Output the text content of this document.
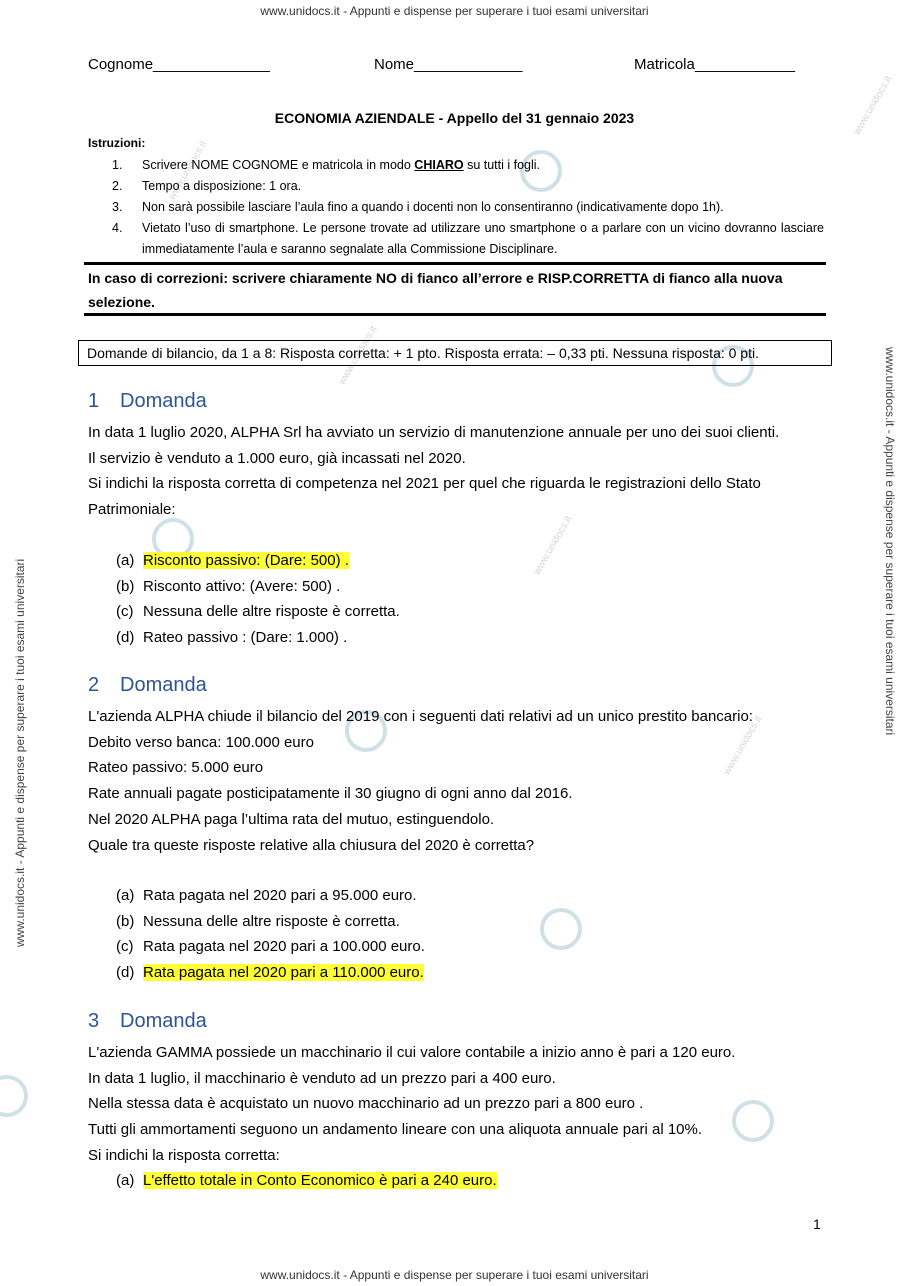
www.unidocs.it - Appunti e dispense per superare i tuoi esami universitari
www.unidocs.it - Appunti e dispense per superare i tuoi esami universitari
www.unidocs.it - Appunti e dispense per superare i tuoi esami universitari
www.unidocs.it - Appunti e dispense per superare i tuoi esami universitari
www.unidocs.it
www.unidocs.it
www.unidocs.it
www.unidocs.it
www.unidocs.it
Cognome______________	Nome_____________	Matricola____________
ECONOMIA AZIENDALE - Appello del 31 gennaio 2023
Istruzioni:
1.	Scrivere NOME COGNOME e matricola in modo CHIARO su tutti i fogli.
2.	Tempo a disposizione: 1 ora.
3.	Non sarà possibile lasciare l’aula fino a quando i docenti non lo consentiranno (indicativamente dopo 1h).
4.	Vietato l’uso di smartphone. Le persone trovate ad utilizzare uno smartphone o a parlare con un vicino dovranno lasciare immediatamente l’aula e saranno segnalate alla Commissione Disciplinare.
In caso di correzioni: scrivere chiaramente NO di fianco all’errore e RISP.CORRETTA di fianco alla nuova selezione.
Domande di bilancio, da 1 a 8: Risposta corretta: + 1 pto. Risposta errata: – 0,33 pti. Nessuna risposta: 0 pti.
1 Domanda
In data 1 luglio 2020, ALPHA Srl ha avviato un servizio di manutenzione annuale per uno dei suoi clienti.
Il servizio è venduto a 1.000 euro, già incassati nel 2020.
Si indichi la risposta corretta di competenza nel 2021 per quel che riguarda le registrazioni dello Stato Patrimoniale:
(a) Risconto passivo: (Dare: 500) .
(b) Risconto attivo: (Avere: 500) .
(c) Nessuna delle altre risposte è corretta.
(d) Rateo passivo : (Dare: 1.000) .
2 Domanda
L'azienda ALPHA chiude il bilancio del 2019 con i seguenti dati relativi ad un unico prestito bancario:
Debito verso banca: 100.000 euro
Rateo passivo: 5.000 euro
Rate annuali pagate posticipatamente il 30 giugno di ogni anno dal 2016.
Nel 2020 ALPHA paga l’ultima rata del mutuo, estinguendolo.
Quale tra queste risposte relative alla chiusura del 2020 è corretta?
(a) Rata pagata nel 2020 pari a 95.000 euro.
(b) Nessuna delle altre risposte è corretta.
(c) Rata pagata nel 2020 pari a 100.000 euro.
(d) Rata pagata nel 2020 pari a 110.000 euro.
3 Domanda
L'azienda GAMMA possiede un macchinario il cui valore contabile a inizio anno è pari a 120 euro.
In data 1 luglio, il macchinario è venduto ad un prezzo pari a 400 euro.
Nella stessa data è acquistato un nuovo macchinario ad un prezzo pari a 800 euro .
Tutti gli ammortamenti seguono un andamento lineare con una aliquota annuale pari al 10%.
Si indichi la risposta corretta:
(a) L'effetto totale in Conto Economico è pari a 240 euro.
1
